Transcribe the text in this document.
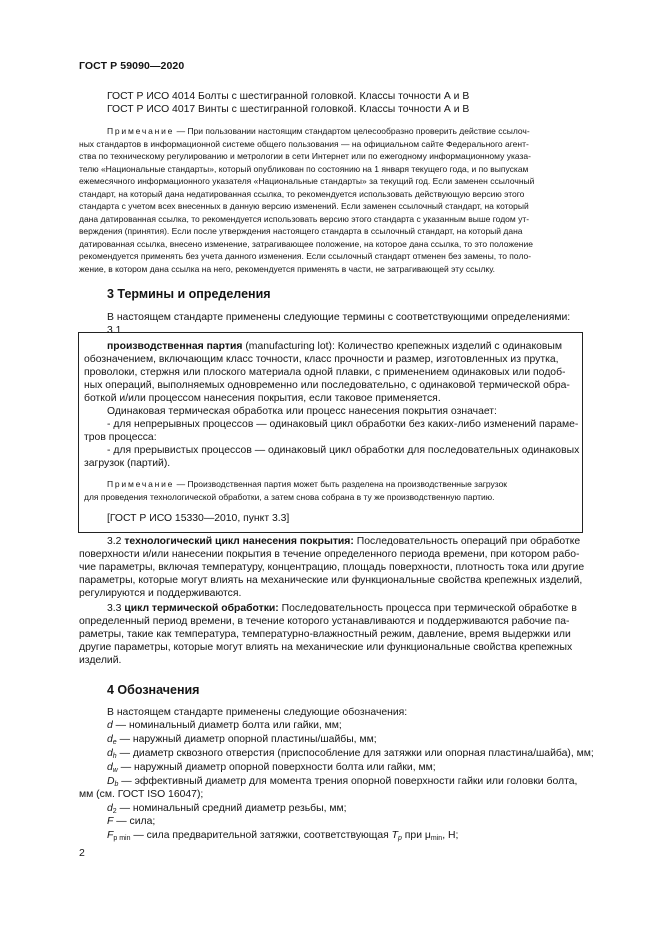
ГОСТ Р 59090—2020
ГОСТ Р ИСО 4014 Болты с шестигранной головкой. Классы точности А и В
ГОСТ Р ИСО 4017 Винты с шестигранной головкой. Классы точности А и В
Примечание — При пользовании настоящим стандартом целесообразно проверить действие ссылоч-
ных стандартов в информационной системе общего пользования — на официальном сайте Федерального агент-
ства по техническому регулированию и метрологии в сети Интернет или по ежегодному информационному указа-
телю «Национальные стандарты», который опубликован по состоянию на 1 января текущего года, и по выпускам
ежемесячного информационного указателя «Национальные стандарты» за текущий год. Если заменен ссылочный
стандарт, на который дана недатированная ссылка, то рекомендуется использовать действующую версию этого
стандарта с учетом всех внесенных в данную версию изменений. Если заменен ссылочный стандарт, на который
дана датированная ссылка, то рекомендуется использовать версию этого стандарта с указанным выше годом ут-
верждения (принятия). Если после утверждения настоящего стандарта в ссылочный стандарт, на который дана
датированная ссылка, внесено изменение, затрагивающее положение, на которое дана ссылка, то это положение
рекомендуется применять без учета данного изменения. Если ссылочный стандарт отменен без замены, то поло-
жение, в котором дана ссылка на него, рекомендуется применять в части, не затрагивающей эту ссылку.
3 Термины и определения
В настоящем стандарте применены следующие термины с соответствующими определениями:
3.1
производственная партия (manufacturing lot): Количество крепежных изделий с одинаковым
обозначением, включающим класс точности, класс прочности и размер, изготовленных из прутка,
проволоки, стержня или плоского материала одной плавки, с применением одинаковых или подоб-
ных операций, выполняемых одновременно или последовательно, с одинаковой термической обра-
боткой и/или процессом нанесения покрытия, если таковое применяется.
Одинаковая термическая обработка или процесс нанесения покрытия означает:
- для непрерывных процессов — одинаковый цикл обработки без каких-либо изменений параме-
тров процесса:
- для прерывистых процессов — одинаковый цикл обработки для последовательных одинаковых
загрузок (партий).
Примечание — Производственная партия может быть разделена на производственные загрузок
для проведения технологической обработки, а затем снова собрана в ту же производственную партию.
[ГОСТ Р ИСО 15330—2010, пункт 3.3]
3.2 технологический цикл нанесения покрытия: Последовательность операций при обработке
поверхности и/или нанесении покрытия в течение определенного периода времени, при котором рабо-
чие параметры, включая температуру, концентрацию, площадь поверхности, плотность тока или другие
параметры, которые могут влиять на механические или функциональные свойства крепежных изделий,
регулируются и поддерживаются.
3.3 цикл термической обработки: Последовательность процесса при термической обработке в
определенный период времени, в течение которого устанавливаются и поддерживаются рабочие па-
раметры, такие как температура, температурно-влажностный режим, давление, время выдержки или
другие параметры, которые могут влиять на механические или функциональные свойства крепежных
изделий.
4 Обозначения
В настоящем стандарте применены следующие обозначения:
d — номинальный диаметр болта или гайки, мм;
$d_e$ — наружный диаметр опорной пластины/шайбы, мм;
$d_h$ — диаметр сквозного отверстия (приспособление для затяжки или опорная пластина/шайба), мм;
$d_w$ — наружный диаметр опорной поверхности болта или гайки, мм;
$D_b$ — эффективный диаметр для момента трения опорной поверхности гайки или головки болта,
мм (см. ГОСТ ISO 16047);
$d_2$ — номинальный средний диаметр резьбы, мм;
F — сила;
$F_{p min}$ — сила предварительной затяжки, соответствующая $T_p$ при $\mu_{min}$, Н;
2
